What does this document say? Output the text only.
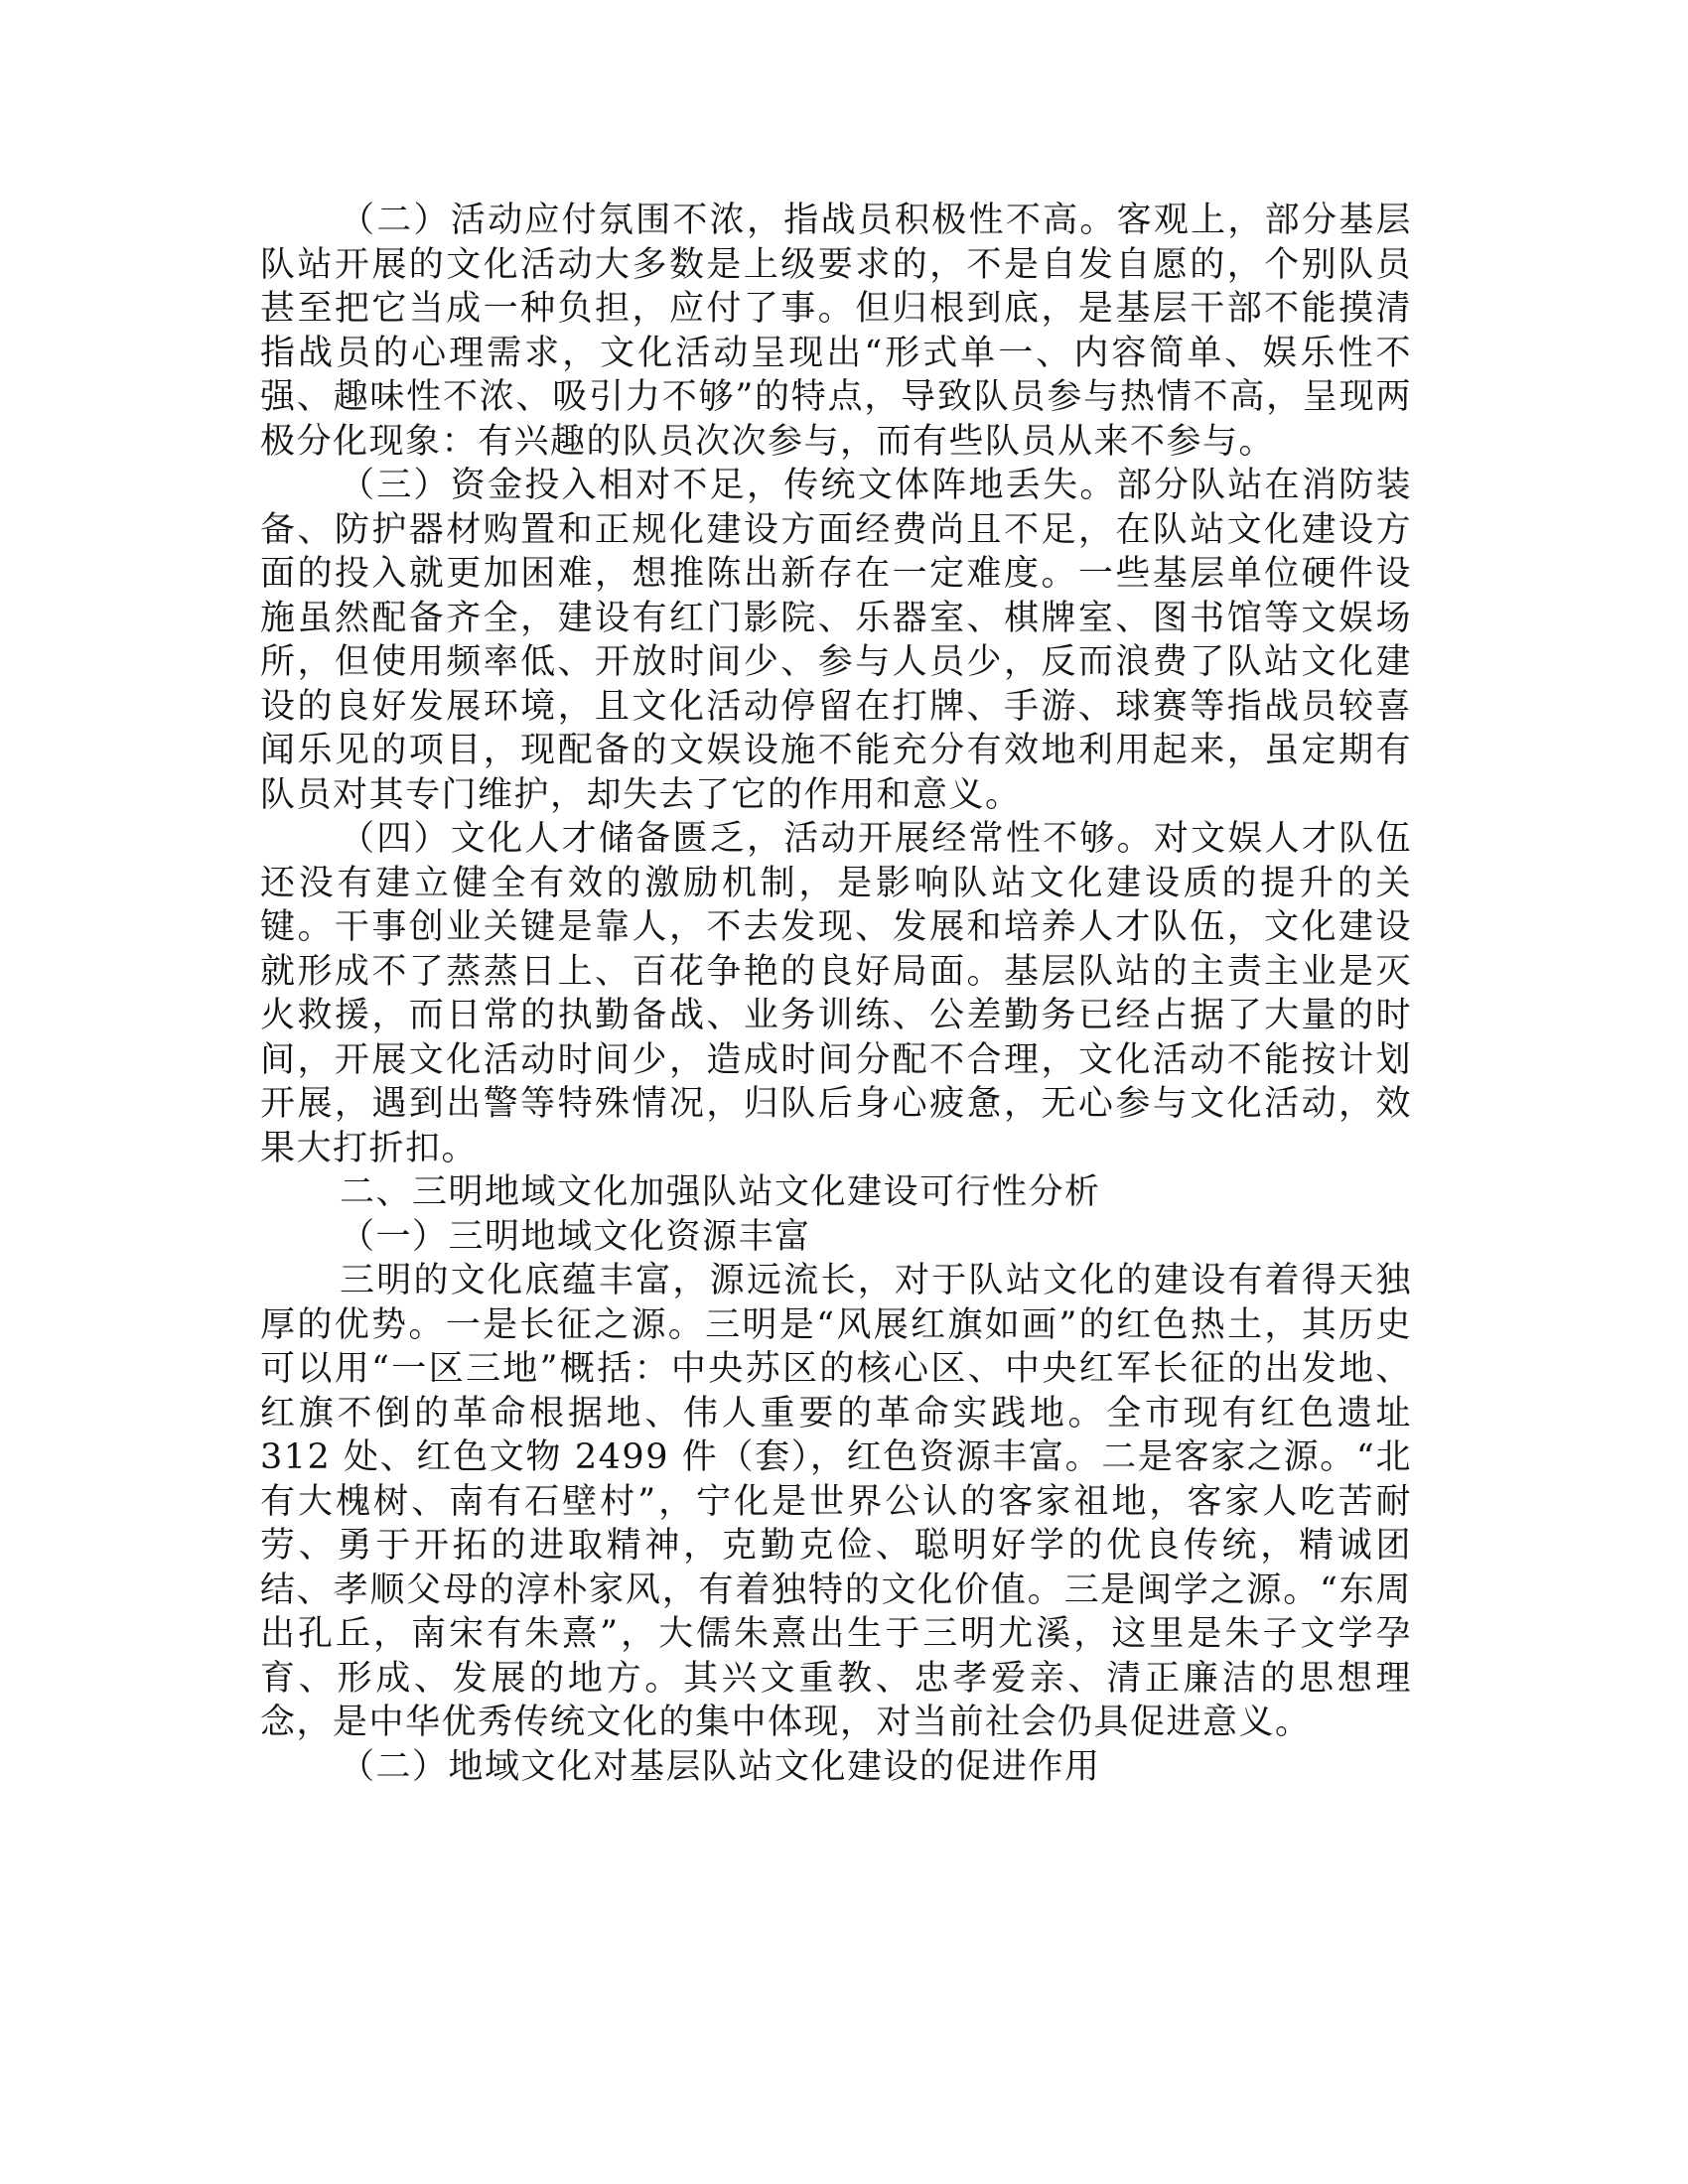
（二）活动应付氛围不浓，指战员积极性不高。客观上，部分基层队站开展的文化活动大多数是上级要求的，不是自发自愿的，个别队员甚至把它当成一种负担，应付了事。但归根到底，是基层干部不能摸清指战员的心理需求，文化活动呈现出“形式单一、内容简单、娱乐性不强、趣味性不浓、吸引力不够”的特点，导致队员参与热情不高，呈现两极分化现象：有兴趣的队员次次参与，而有些队员从来不参与。

（三）资金投入相对不足，传统文体阵地丢失。部分队站在消防装备、防护器材购置和正规化建设方面经费尚且不足，在队站文化建设方面的投入就更加困难，想推陈出新存在一定难度。一些基层单位硬件设施虽然配备齐全，建设有红门影院、乐器室、棋牌室、图书馆等文娱场所，但使用频率低、开放时间少、参与人员少，反而浪费了队站文化建设的良好发展环境，且文化活动停留在打牌、手游、球赛等指战员较喜闻乐见的项目，现配备的文娱设施不能充分有效地利用起来，虽定期有队员对其专门维护，却失去了它的作用和意义。

（四）文化人才储备匮乏，活动开展经常性不够。对文娱人才队伍还没有建立健全有效的激励机制，是影响队站文化建设质的提升的关键。干事创业关键是靠人，不去发现、发展和培养人才队伍，文化建设就形成不了蒸蒸日上、百花争艳的良好局面。基层队站的主责主业是灭火救援，而日常的执勤备战、业务训练、公差勤务已经占据了大量的时间，开展文化活动时间少，造成时间分配不合理，文化活动不能按计划开展，遇到出警等特殊情况，归队后身心疲惫，无心参与文化活动，效果大打折扣。

二、三明地域文化加强队站文化建设可行性分析

（一）三明地域文化资源丰富

三明的文化底蕴丰富，源远流长，对于队站文化的建设有着得天独厚的优势。一是长征之源。三明是“风展红旗如画”的红色热土，其历史可以用“一区三地”概括：中央苏区的核心区、中央红军长征的出发地、红旗不倒的革命根据地、伟人重要的革命实践地。全市现有红色遗址 312 处、红色文物 2499 件（套），红色资源丰富。二是客家之源。“北有大槐树、南有石壁村”，宁化是世界公认的客家祖地，客家人吃苦耐劳、勇于开拓的进取精神，克勤克俭、聪明好学的优良传统，精诚团结、孝顺父母的淳朴家风，有着独特的文化价值。三是闽学之源。“东周出孔丘，南宋有朱熹”，大儒朱熹出生于三明尤溪，这里是朱子文学孕育、形成、发展的地方。其兴文重教、忠孝爱亲、清正廉洁的思想理念，是中华优秀传统文化的集中体现，对当前社会仍具促进意义。

（二）地域文化对基层队站文化建设的促进作用
